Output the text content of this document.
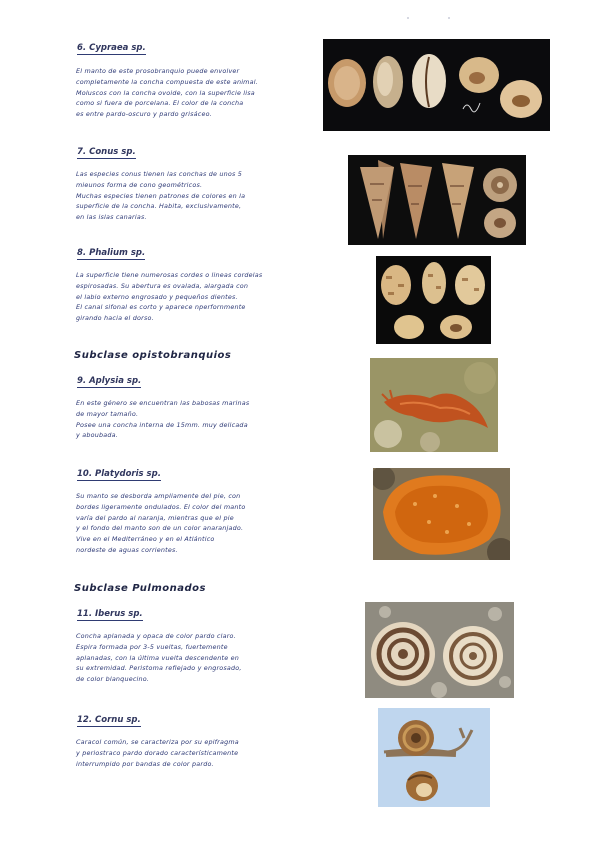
6. Cypraea sp.
El manto de este prosobranquio puede envolver
completamente la concha compuesta de este animal.
Moluscos con la concha ovoide, con la superficie lisa
como si fuera de porcelana. El color de la concha
es entre pardo-oscuro y pardo grisáceo.
7. Conus sp.
Las especies conus tienen las conchas de unos 5
mieunos forma de cono geométricos.
Muchas especies tienen patrones de colores en la
superficie de la concha. Habita, exclusivamente,
en las islas canarias.
8. Phalium sp.
La superficie tiene numerosas cordes o lineas cordelas
espirosadas. Su abertura es ovalada, alargada con
el labio externo engrosado y pequeños dientes.
El canal sifonal es corto y aparece nperfornmente
girando hacia el dorso.
Subclase opistobranquios
9. Aplysia sp.
En este género se encuentran las babosas marinas
de mayor tamaño.
Posee una concha interna de 15mm. muy delicada
y aboubada.
10. Platydoris sp.
Su manto se desborda ampliamente del pie, con
bordes ligeramente ondulados. El color del manto
varía del pardo al naranja, mientras que el pie
y el fondo del manto son de un color anaranjado.
Vive en el Mediterráneo y en el Atlántico
nordeste de aguas corrientes.
Subclase Pulmonados
11. Iberus sp.
Concha aplanada y opaca de color pardo claro.
Espira formada por 3-5 vueltas, fuertemente
aplanadas, con la última vuelta descendente en
su extremidad. Peristoma reflejado y engrosado,
de color blanquecino.
12. Cornu sp.
Caracol común, se caracteriza por su epifragma
y periostraco pardo dorado característicamente
interrumpido por bandas de color pardo.
